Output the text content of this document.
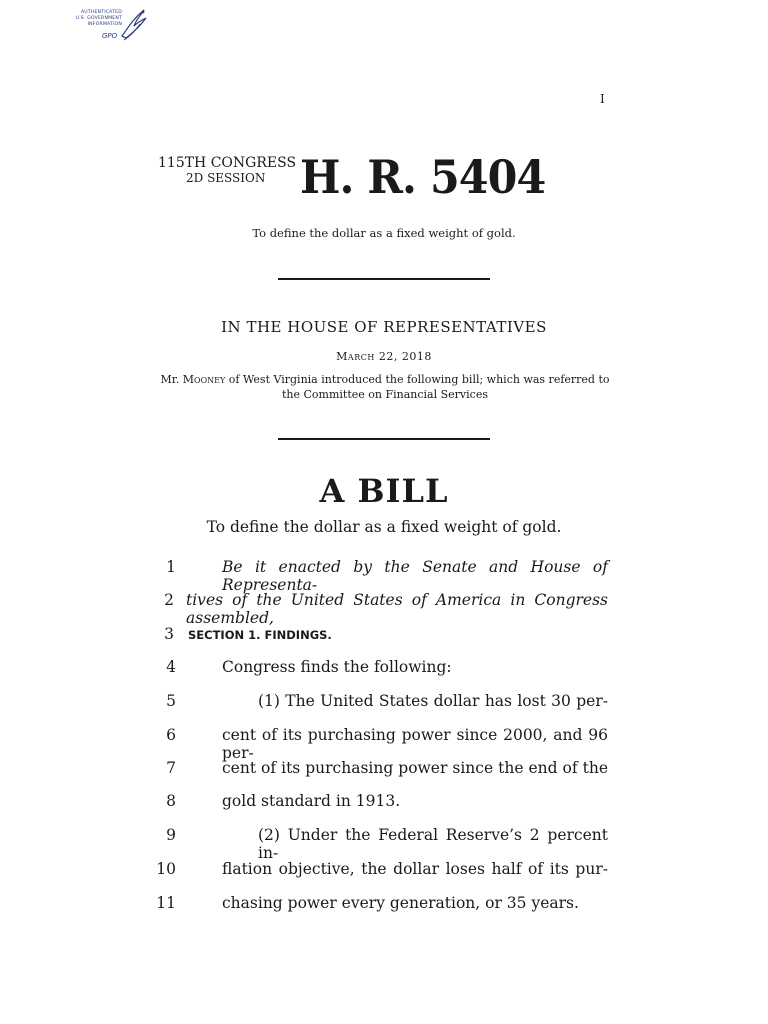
AUTHENTICATED
U.S. GOVERNMENT
INFORMATION
GPO
I
115TH CONGRESS
2D SESSION H. R. 5404
To define the dollar as a fixed weight of gold.
IN THE HOUSE OF REPRESENTATIVES
March 22, 2018
Mr. Mooney of West Virginia introduced the following bill; which was referred to the Committee on Financial Services
A BILL
To define the dollar as a fixed weight of gold.
1	Be it enacted by the Senate and House of Representa-
2 tives of the United States of America in Congress assembled,
3 SECTION 1. FINDINGS.
4	Congress finds the following:
5	(1) The United States dollar has lost 30 per-
6	cent of its purchasing power since 2000, and 96 per-
7	cent of its purchasing power since the end of the
8	gold standard in 1913.
9	(2) Under the Federal Reserve’s 2 percent in-
10	flation objective, the dollar loses half of its pur-
11	chasing power every generation, or 35 years.
